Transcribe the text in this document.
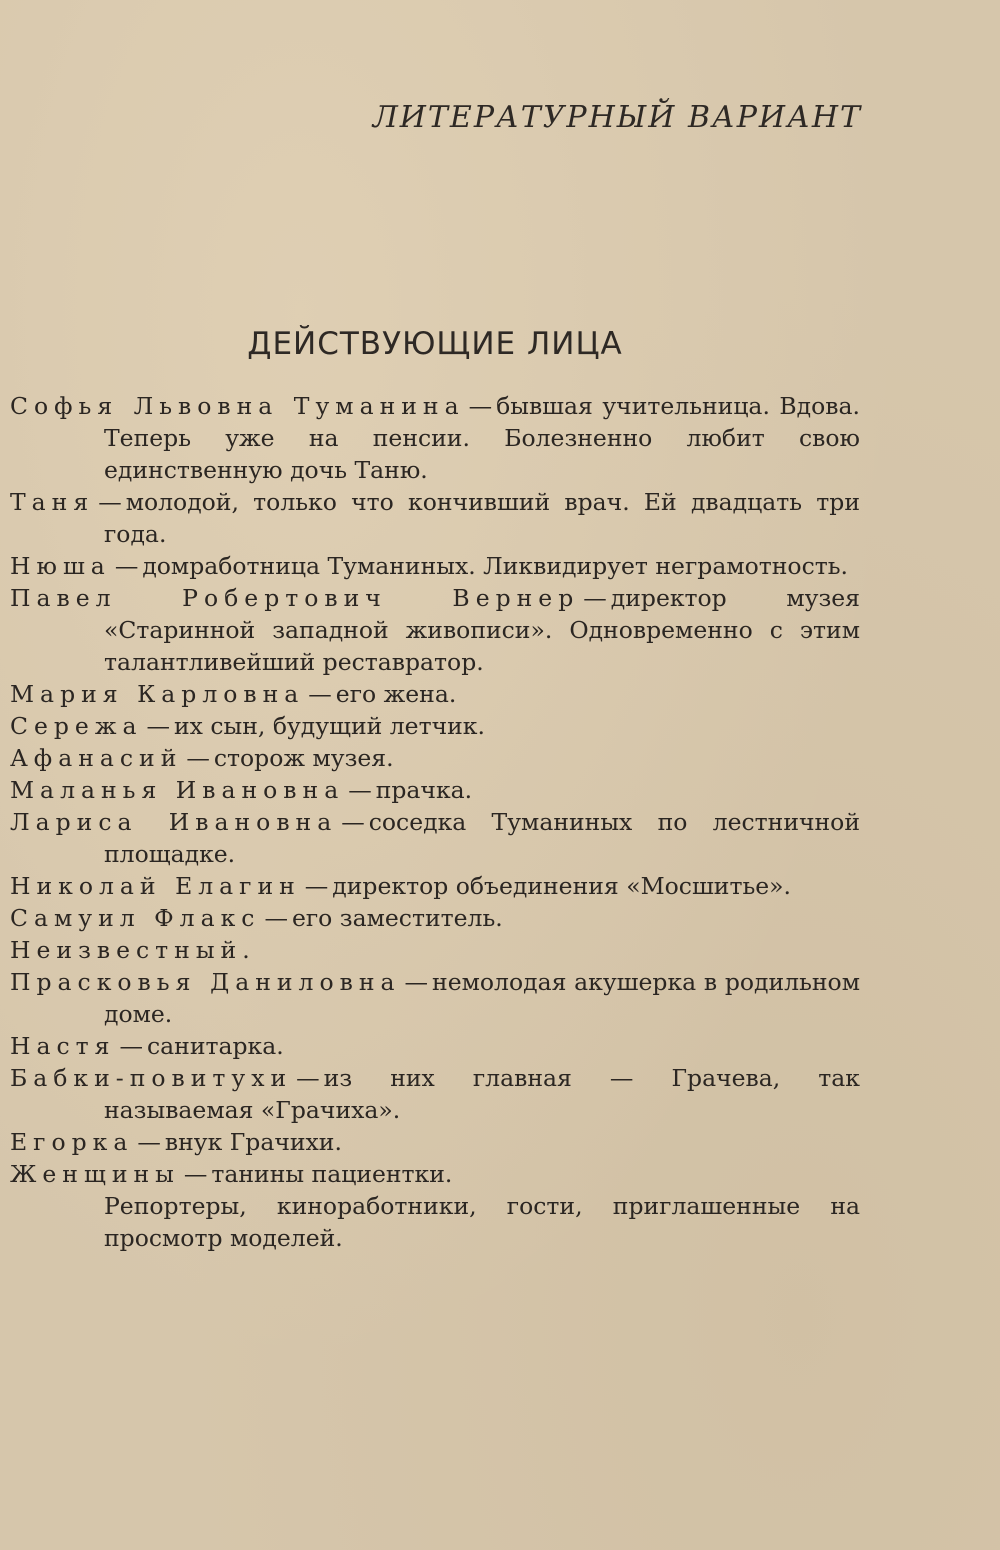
ЛИТЕРАТУРНЫЙ ВАРИАНТ
ДЕЙСТВУЮЩИЕ ЛИЦА
Софья Львовна Туманина — бывшая учительница. Вдова. Теперь уже на пенсии. Болезненно любит свою единственную дочь Таню.
Таня — молодой, только что кончивший врач. Ей двадцать три года.
Нюша — домработница Туманиных. Ликвидирует неграмотность.
Павел Робертович Вернер — директор музея «Старинной западной живописи». Одновременно с этим талантливейший реставратор.
Мария Карловна — его жена.
Сережа — их сын, будущий летчик.
Афанасий — сторож музея.
Маланья Ивановна — прачка.
Лариса Ивановна — соседка Туманиных по лестничной площадке.
Николай Елагин — директор объединения «Мосшитье».
Самуил Флакс — его заместитель.
Неизвестный.
Прасковья Даниловна — немолодая акушерка в родильном доме.
Настя — санитарка.
Бабки-повитухи — из них главная — Грачева, так называемая «Грачиха».
Егорка — внук Грачихи.
Женщины — танины пациентки.
Репортеры, киноработники, гости, приглашенные на просмотр моделей.
